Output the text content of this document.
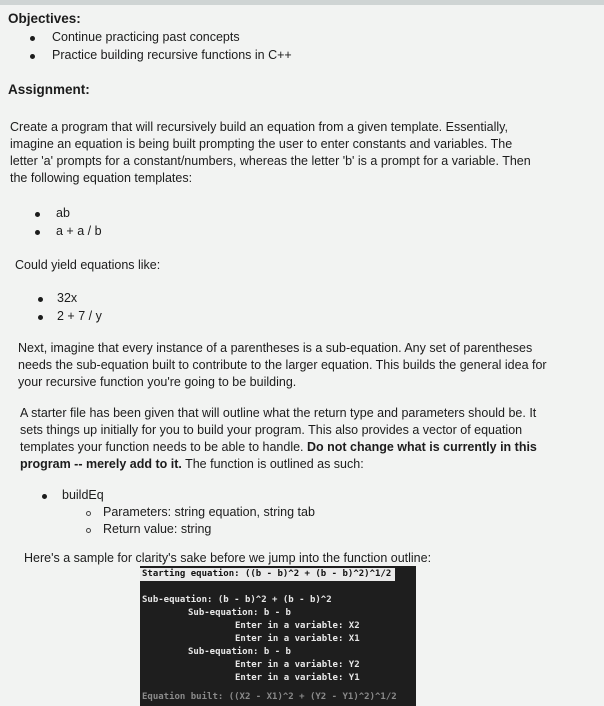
Objectives:
Continue practicing past concepts
Practice building recursive functions in C++
Assignment:
Create a program that will recursively build an equation from a given template. Essentially,
imagine an equation is being built prompting the user to enter constants and variables. The
letter 'a' prompts for a constant/numbers, whereas the letter 'b' is a prompt for a variable. Then
the following equation templates:
ab
a + a / b
Could yield equations like:
32x
2 + 7 / y
Next, imagine that every instance of a parentheses is a sub-equation. Any set of parentheses
needs the sub-equation built to contribute to the larger equation. This builds the general idea for
your recursive function you're going to be building.
A starter file has been given that will outline what the return type and parameters should be. It
sets things up initially for you to build your program. This also provides a vector of equation
templates your function needs to be able to handle. Do not change what is currently in this
program -- merely add to it. The function is outlined as such:
buildEq
Parameters: string equation, string tab
Return value: string
Here's a sample for clarity's sake before we jump into the function outline:
Starting equation: ((b - b)^2 + (b - b)^2)^1/2
Sub-equation: (b - b)^2 + (b - b)^2
Sub-equation: b - b
Enter in a variable: X2
Enter in a variable: X1
Sub-equation: b - b
Enter in a variable: Y2
Enter in a variable: Y1
Equation built: ((X2 - X1)^2 + (Y2 - Y1)^2)^1/2
